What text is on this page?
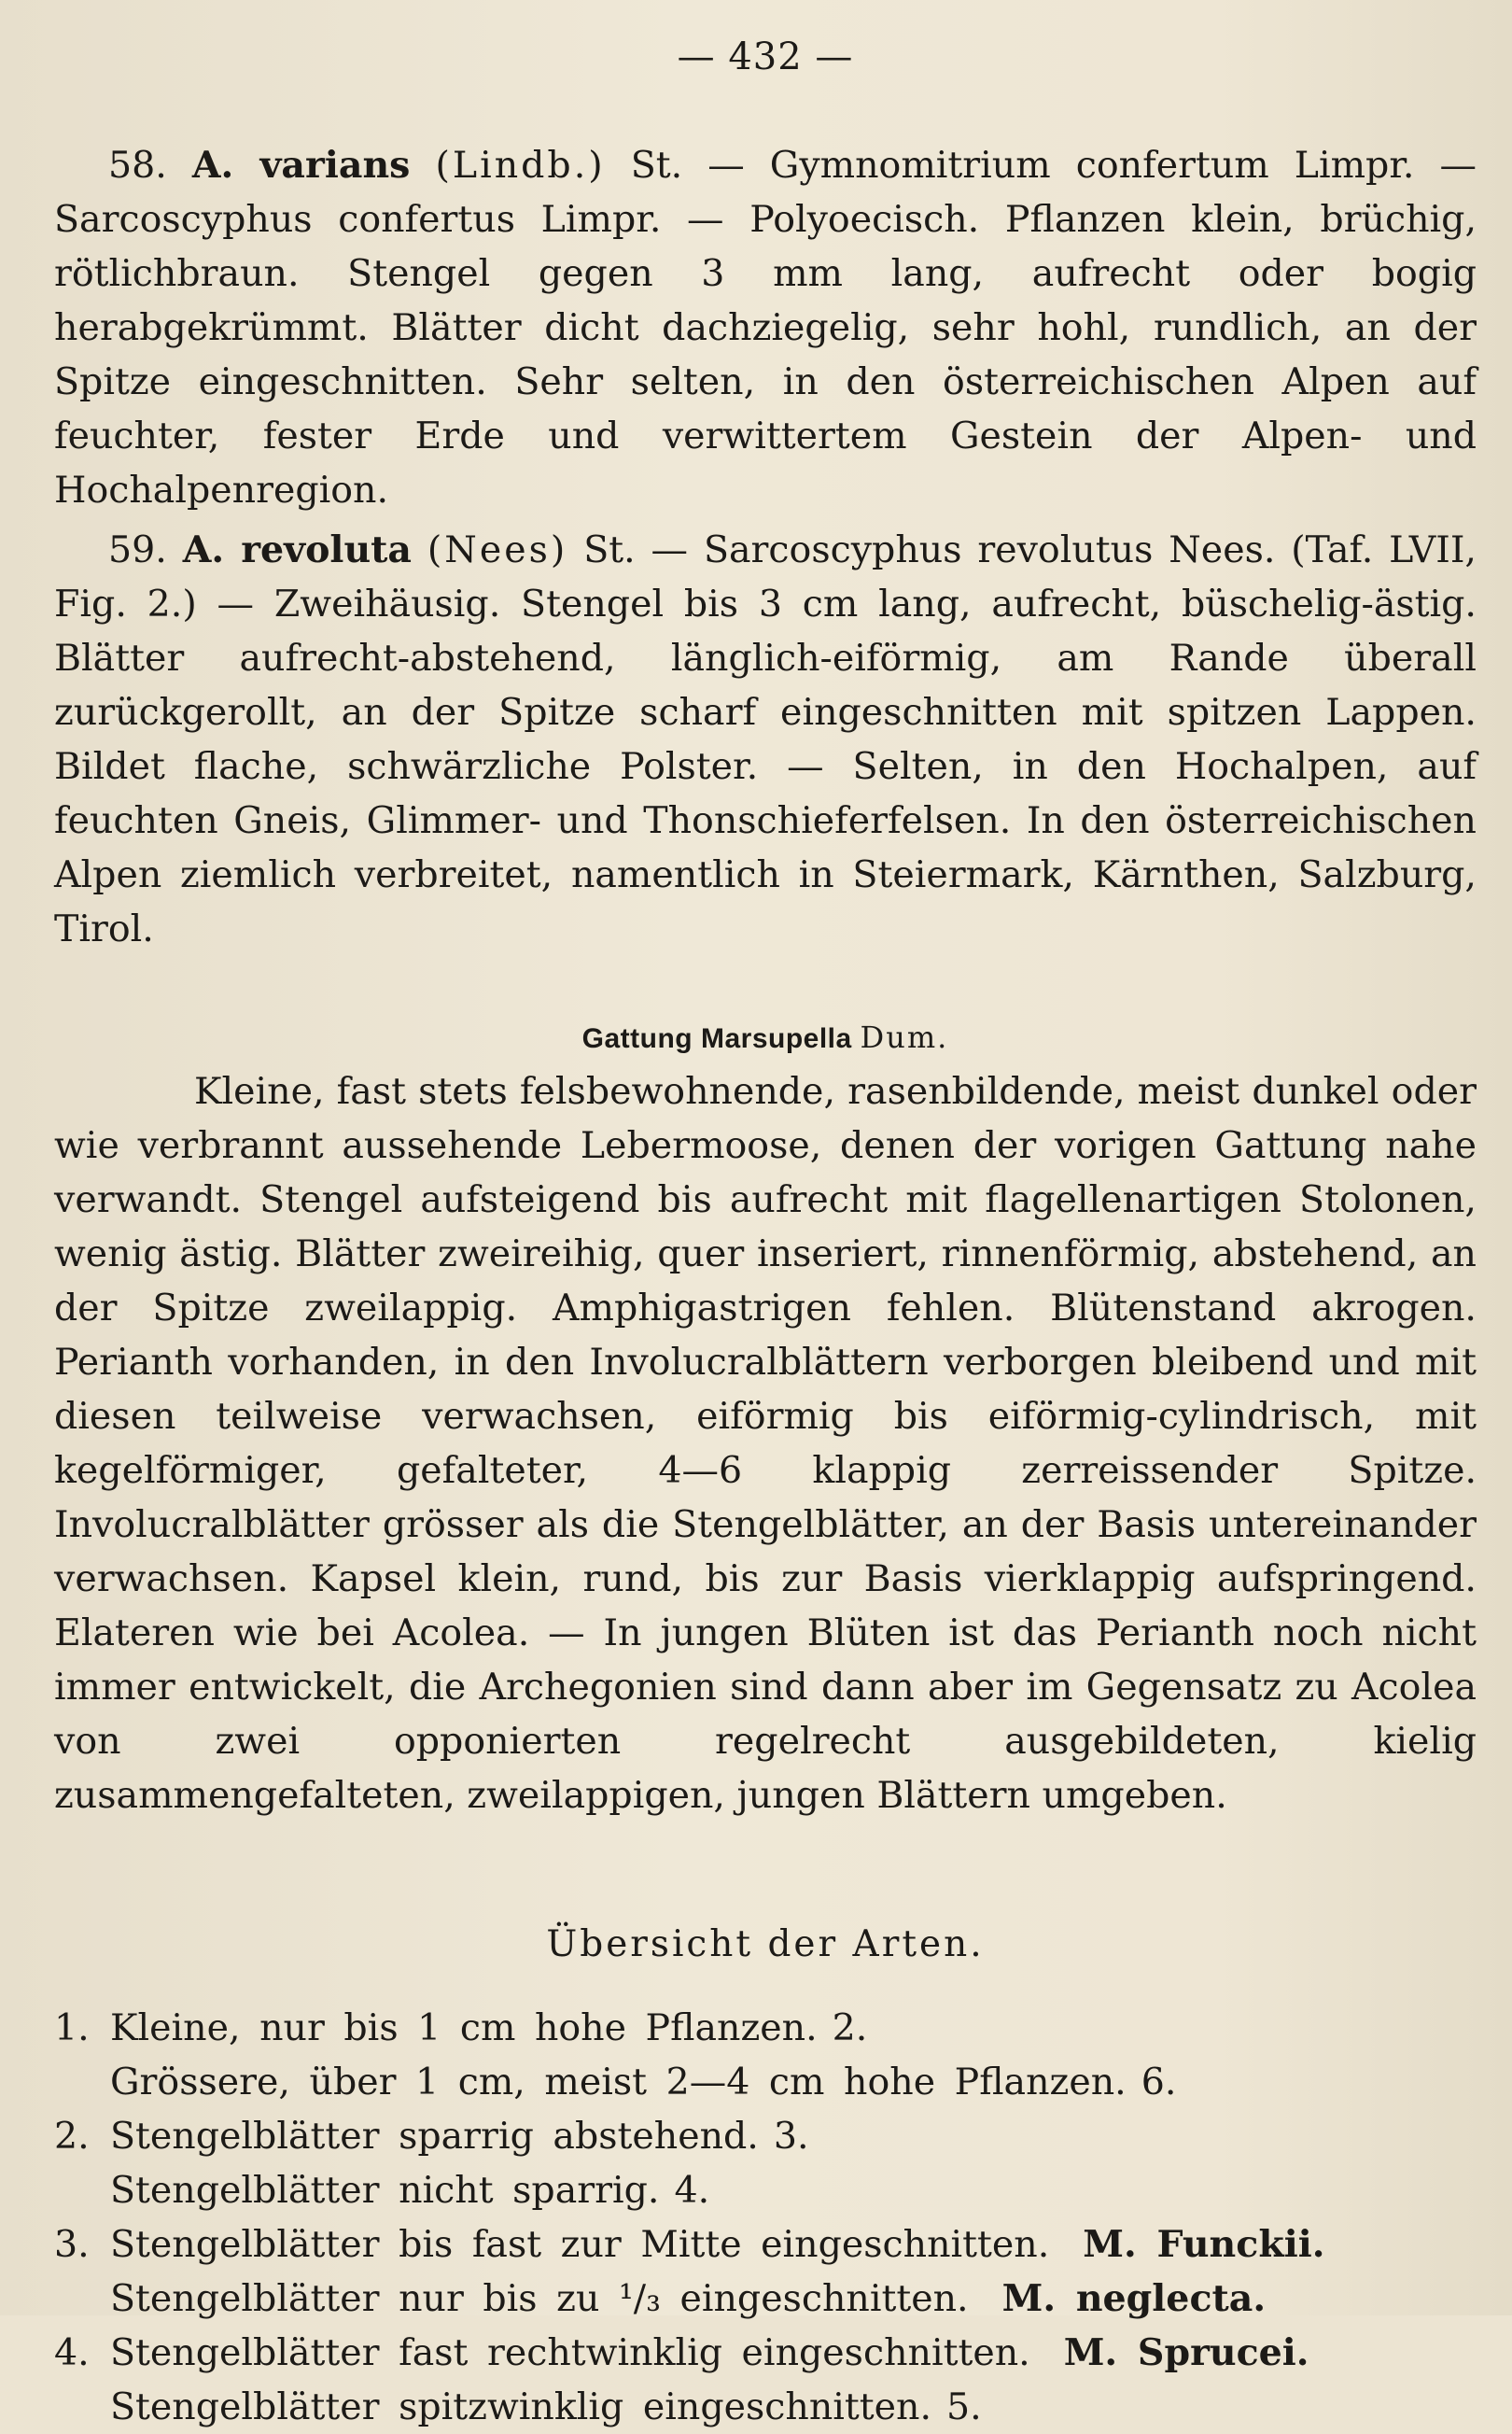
— 432 —

58. A. varians (Lindb.) St. — Gymnomitrium confertum Limpr. — Sarcoscyphus confertus Limpr. — Polyoecisch. Pflanzen klein, brüchig, rötlichbraun. Stengel gegen 3 mm lang, aufrecht oder bogig herabgekrümmt. Blätter dicht dachziegelig, sehr hohl, rundlich, an der Spitze eingeschnitten. Sehr selten, in den österreichischen Alpen auf feuchter, fester Erde und verwittertem Gestein der Alpen- und Hochalpenregion.

59. A. revoluta (Nees) St. — Sarcoscyphus revolutus Nees. (Taf. LVII, Fig. 2.) — Zweihäusig. Stengel bis 3 cm lang, aufrecht, büschelig-ästig. Blätter aufrecht-abstehend, länglich-eiförmig, am Rande überall zurückgerollt, an der Spitze scharf eingeschnitten mit spitzen Lappen. Bildet flache, schwärzliche Polster. — Selten, in den Hochalpen, auf feuchten Gneis, Glimmer- und Thonschieferfelsen. In den österreichischen Alpen ziemlich verbreitet, namentlich in Steiermark, Kärnthen, Salzburg, Tirol.

Gattung Marsupella Dum.

Kleine, fast stets felsbewohnende, rasenbildende, meist dunkel oder wie verbrannt aussehende Lebermoose, denen der vorigen Gattung nahe verwandt. Stengel aufsteigend bis aufrecht mit flagellenartigen Stolonen, wenig ästig. Blätter zweireihig, quer inseriert, rinnenförmig, abstehend, an der Spitze zweilappig. Amphigastrigen fehlen. Blütenstand akrogen. Perianth vorhanden, in den Involucralblättern verborgen bleibend und mit diesen teilweise verwachsen, eiförmig bis eiförmig-cylindrisch, mit kegelförmiger, gefalteter, 4—6 klappig zerreissender Spitze. Involucralblätter grösser als die Stengelblätter, an der Basis untereinander verwachsen. Kapsel klein, rund, bis zur Basis vierklappig aufspringend. Elateren wie bei Acolea. — In jungen Blüten ist das Perianth noch nicht immer entwickelt, die Archegonien sind dann aber im Gegensatz zu Acolea von zwei opponierten regelrecht ausgebildeten, kielig zusammengefalteten, zweilappigen, jungen Blättern umgeben.

Übersicht der Arten.
1. Kleine, nur bis 1 cm hohe Pflanzen. 2.
Grössere, über 1 cm, meist 2—4 cm hohe Pflanzen. 6.
2. Stengelblätter sparrig abstehend. 3.
Stengelblätter nicht sparrig. 4.
3. Stengelblätter bis fast zur Mitte eingeschnitten. M. Funckii.
Stengelblätter nur bis zu ¹/₃ eingeschnitten. M. neglecta.
4. Stengelblätter fast rechtwinklig eingeschnitten. M. Sprucei.
Stengelblätter spitzwinklig eingeschnitten. 5.
